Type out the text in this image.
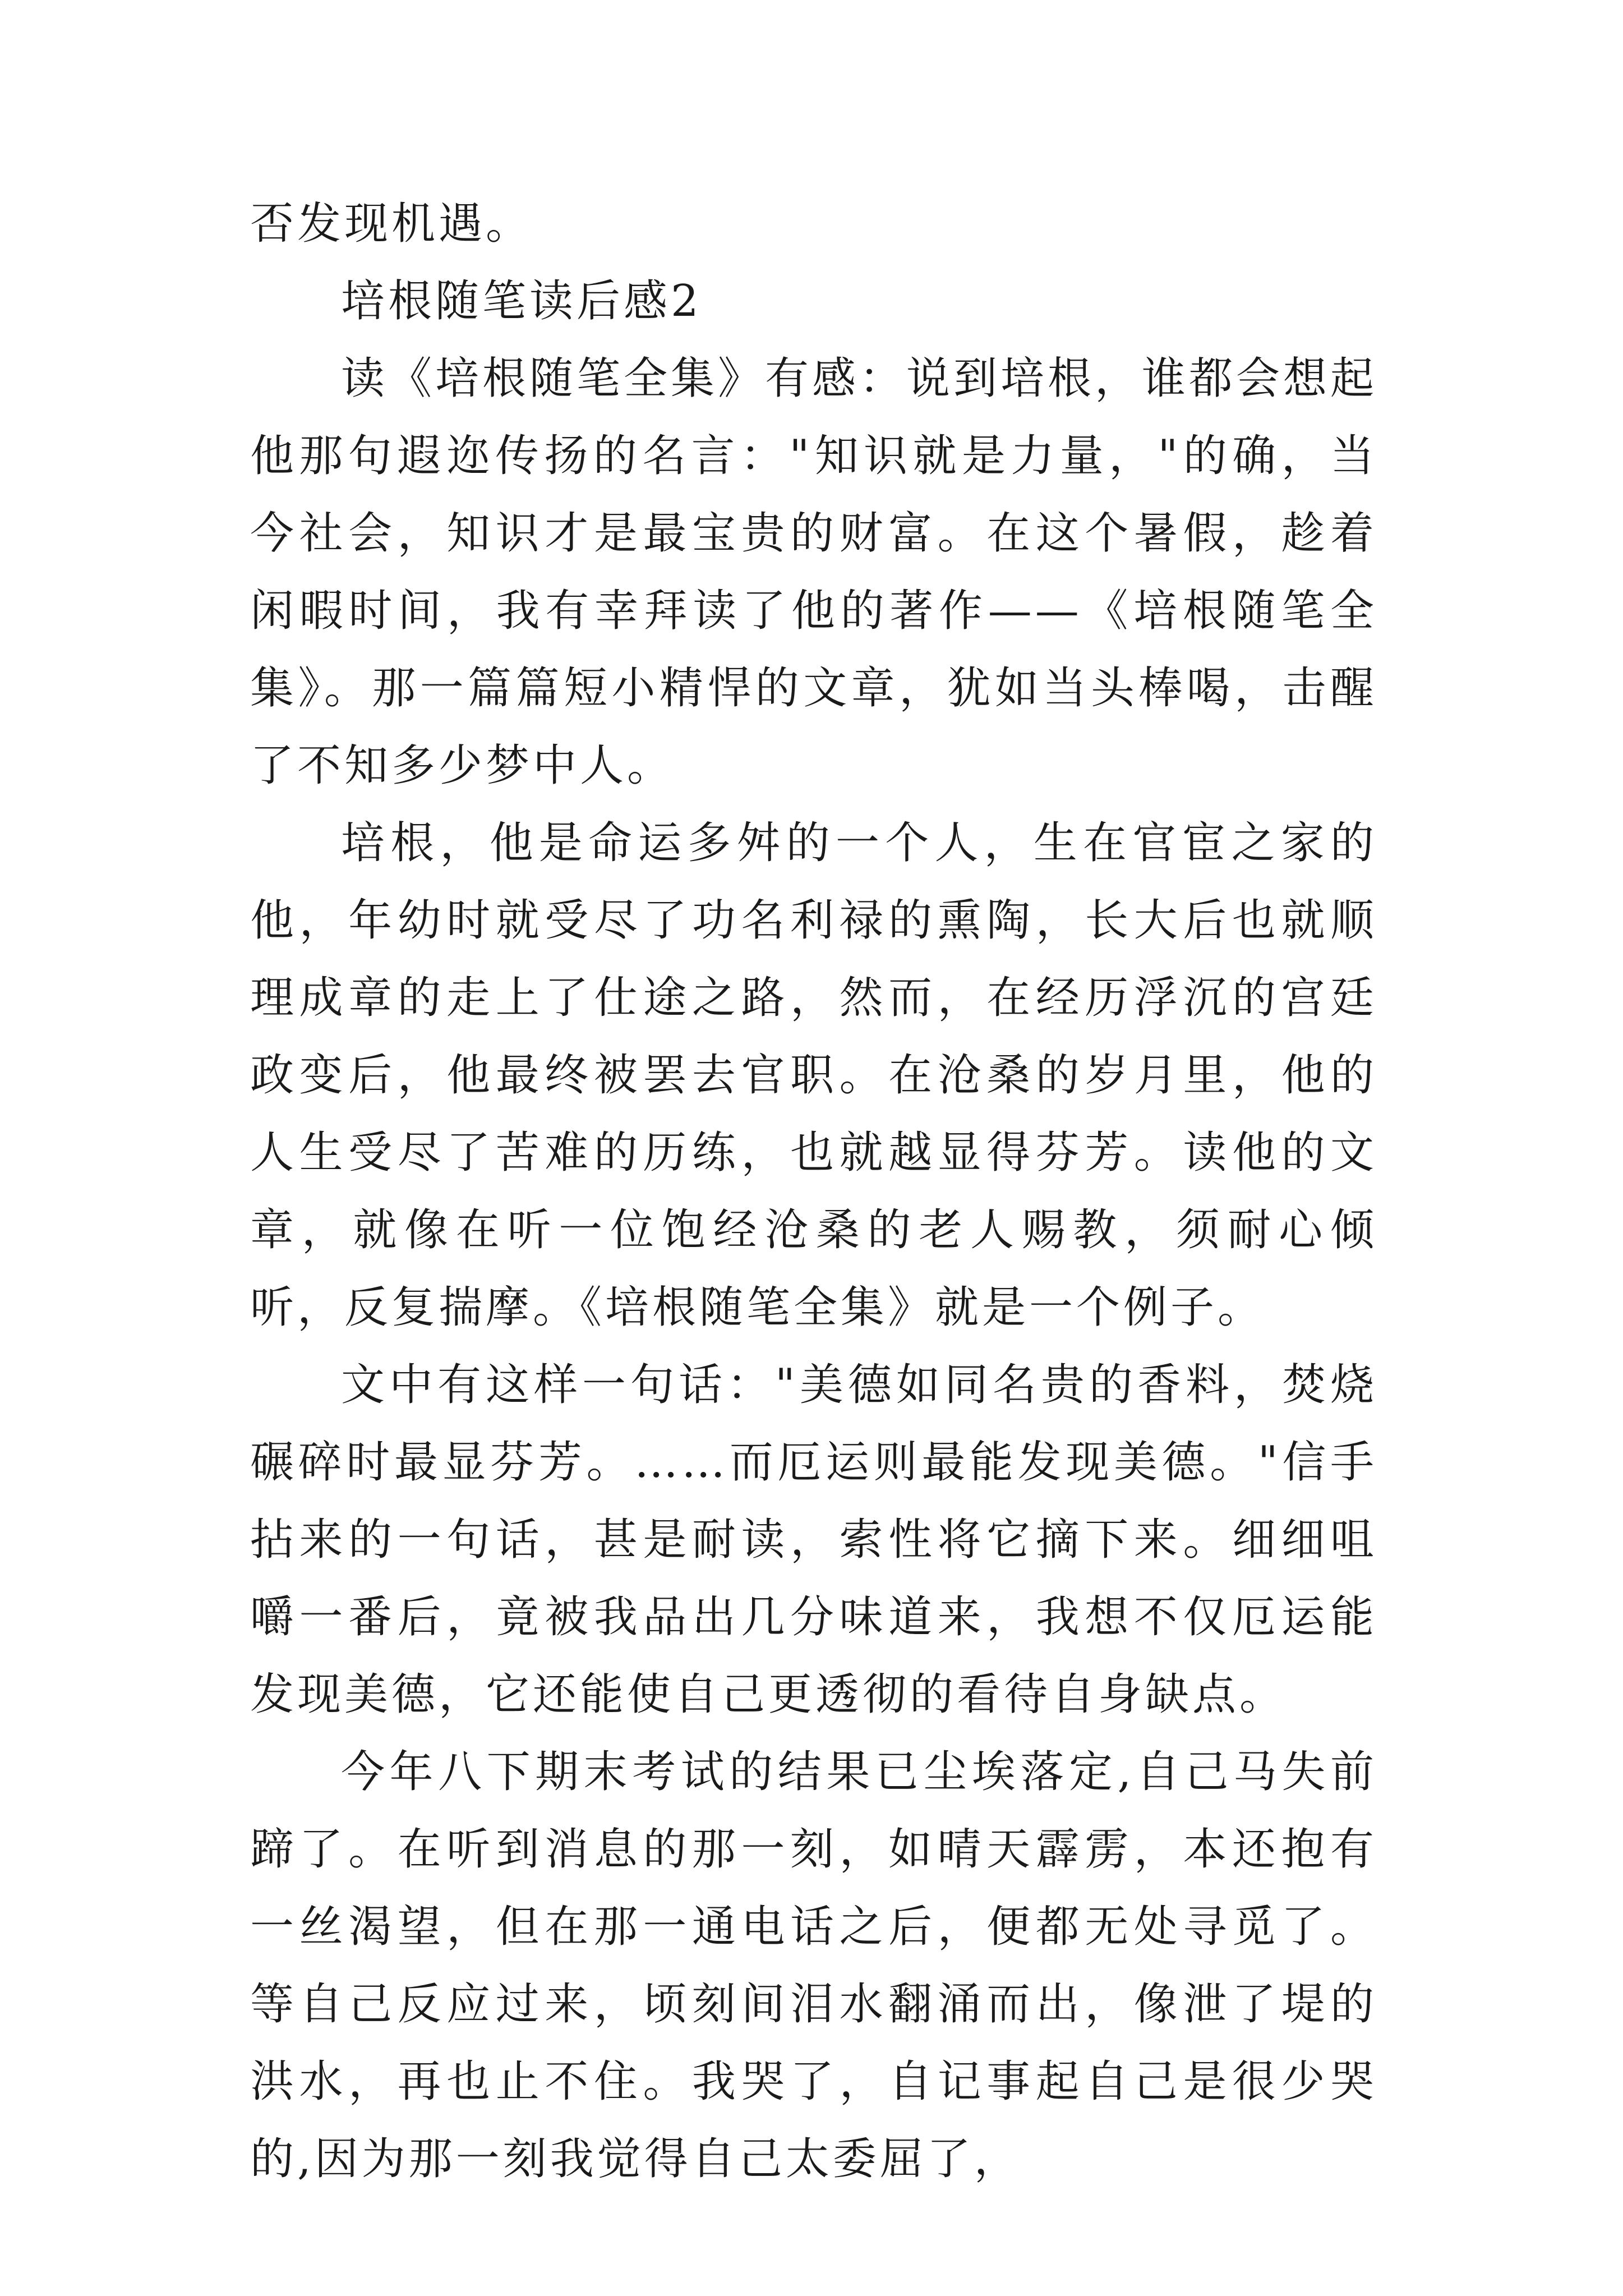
否发现机遇。

培根随笔读后感2

读《培根随笔全集》有感：说到培根，谁都会想起他那句遐迩传扬的名言："知识就是力量，"的确，当今社会，知识才是最宝贵的财富。在这个暑假，趁着闲暇时间，我有幸拜读了他的著作——《培根随笔全集》。那一篇篇短小精悍的文章，犹如当头棒喝，击醒了不知多少梦中人。

培根，他是命运多舛的一个人，生在官宦之家的他，年幼时就受尽了功名利禄的熏陶，长大后也就顺理成章的走上了仕途之路，然而，在经历浮沉的宫廷政变后，他最终被罢去官职。在沧桑的岁月里，他的人生受尽了苦难的历练，也就越显得芬芳。读他的文章，就像在听一位饱经沧桑的老人赐教，须耐心倾听，反复揣摩。《培根随笔全集》就是一个例子。

文中有这样一句话："美德如同名贵的香料，焚烧碾碎时最显芬芳。……而厄运则最能发现美德。"信手拈来的一句话，甚是耐读，索性将它摘下来。细细咀嚼一番后，竟被我品出几分味道来，我想不仅厄运能发现美德，它还能使自己更透彻的看待自身缺点。

今年八下期末考试的结果已尘埃落定,自己马失前蹄了。在听到消息的那一刻，如晴天霹雳，本还抱有一丝渴望，但在那一通电话之后，便都无处寻觅了。等自己反应过来，顷刻间泪水翻涌而出，像泄了堤的洪水，再也止不住。我哭了，自记事起自己是很少哭的,因为那一刻我觉得自己太委屈了，
